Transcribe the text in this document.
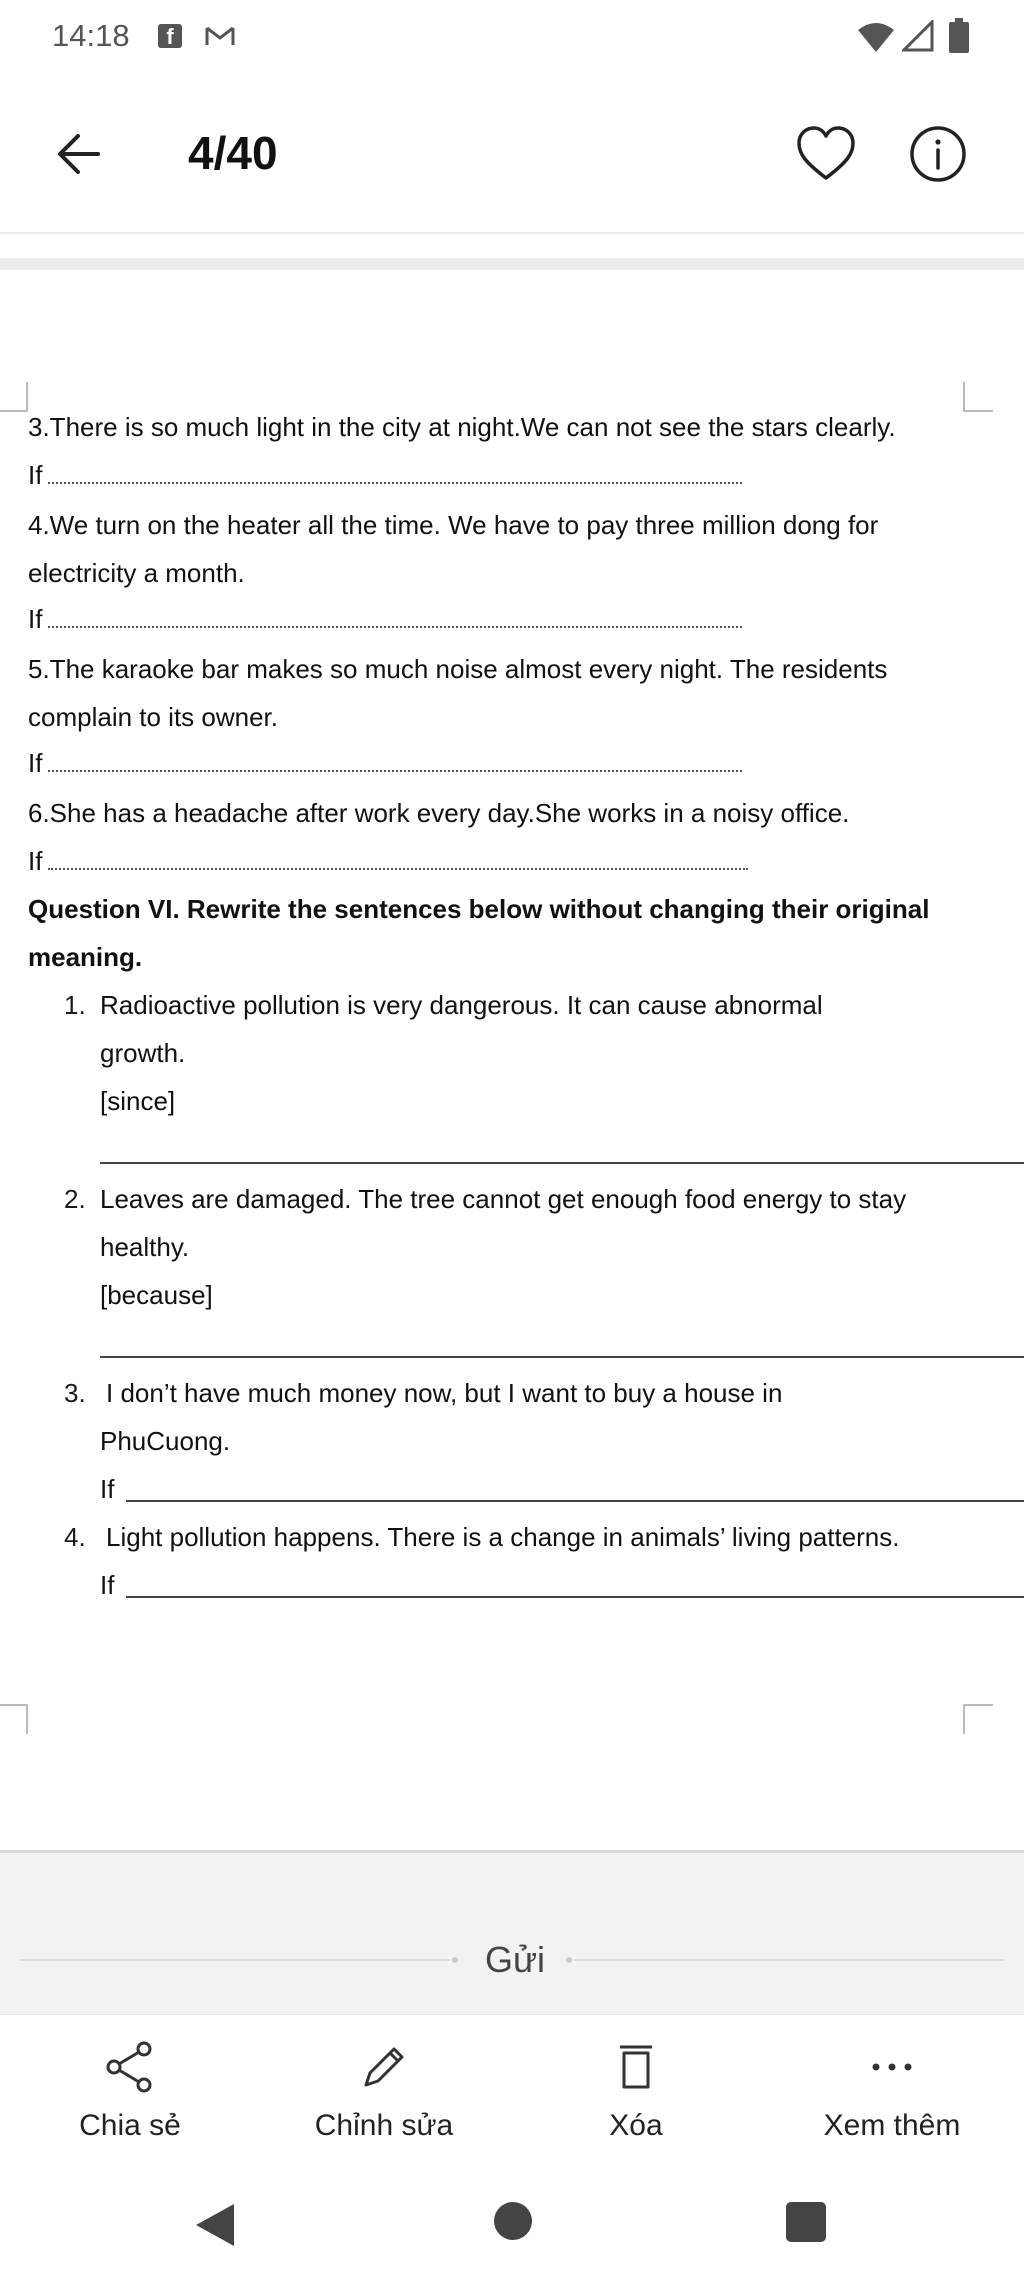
14:18	f
4/40
3.There is so much light in the city at night.We can not see the stars clearly.
If
4.We turn on the heater all the time. We have to pay three million dong for
electricity a month.
If
5.The karaoke bar makes so much noise almost every night. The residents
complain to its owner.
If
6.She has a headache after work every day.She works in a noisy office.
If
Question VI. Rewrite the sentences below without changing their original
meaning.
1. Radioactive pollution is very dangerous. It can cause abnormal
growth.
[since]
2. Leaves are damaged. The tree cannot get enough food energy to stay
healthy.
[because]
3. I don’t have much money now, but I want to buy a house in
PhuCuong.
If
4. Light pollution happens. There is a change in animals’ living patterns.
If
Gửi
Chia sẻ	Chỉnh sửa	Xóa	Xem thêm
